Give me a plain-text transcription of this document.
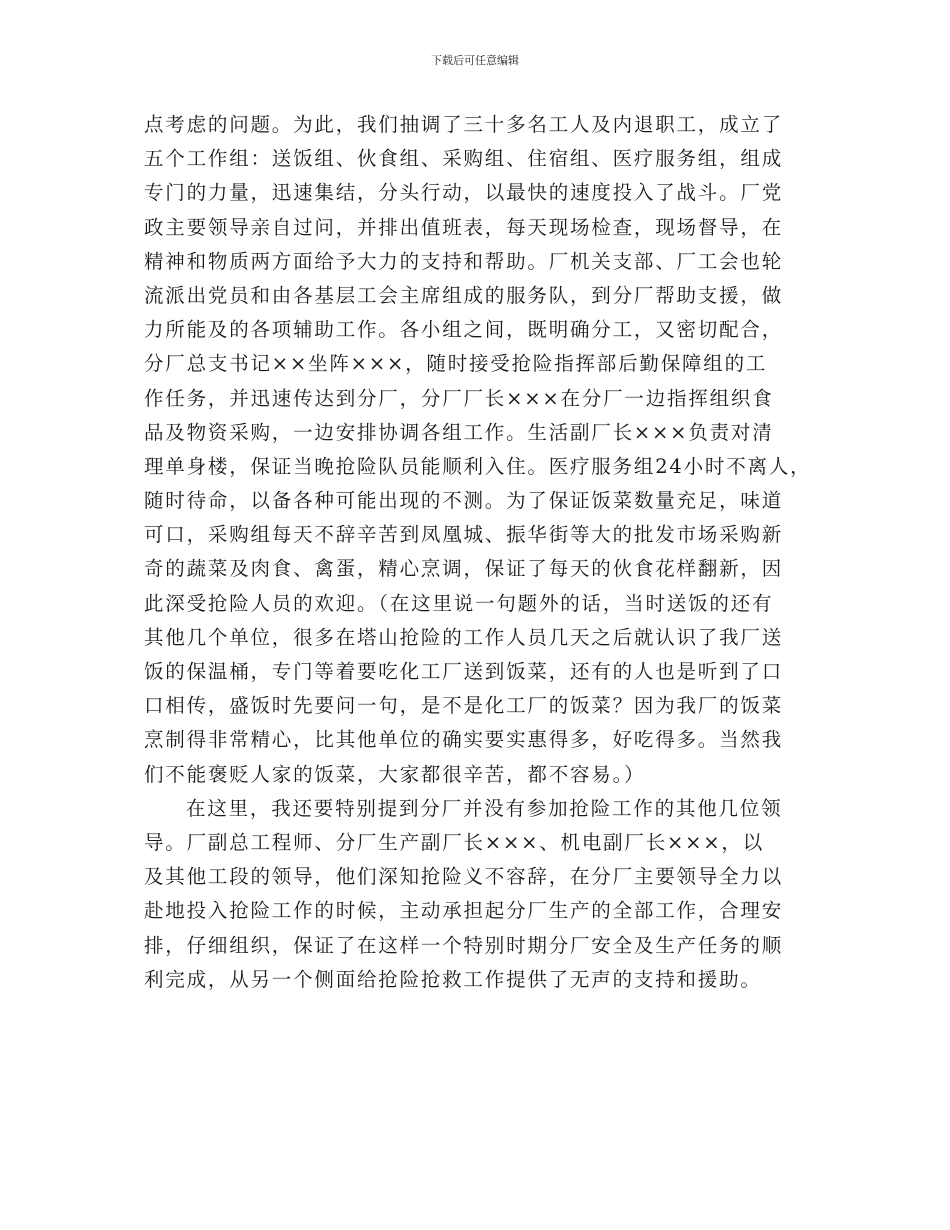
下载后可任意编辑
点考虑的问题。为此，我们抽调了三十多名工人及内退职工，成立了
五个工作组：送饭组、伙食组、采购组、住宿组、医疗服务组，组成
专门的力量，迅速集结，分头行动，以最快的速度投入了战斗。厂党
政主要领导亲自过问，并排出值班表，每天现场检查，现场督导，在
精神和物质两方面给予大力的支持和帮助。厂机关支部、厂工会也轮
流派出党员和由各基层工会主席组成的服务队，到分厂帮助支援，做
力所能及的各项辅助工作。各小组之间，既明确分工，又密切配合，
分厂总支书记××坐阵×××，随时接受抢险指挥部后勤保障组的工
作任务，并迅速传达到分厂，分厂厂长×××在分厂一边指挥组织食
品及物资采购，一边安排协调各组工作。生活副厂长×××负责对清
理单身楼，保证当晚抢险队员能顺利入住。医疗服务组24小时不离人，
随时待命，以备各种可能出现的不测。为了保证饭菜数量充足，味道
可口，采购组每天不辞辛苦到凤凰城、振华街等大的批发市场采购新
奇的蔬菜及肉食、禽蛋，精心烹调，保证了每天的伙食花样翻新，因
此深受抢险人员的欢迎。（在这里说一句题外的话，当时送饭的还有
其他几个单位，很多在塔山抢险的工作人员几天之后就认识了我厂送
饭的保温桶，专门等着要吃化工厂送到饭菜，还有的人也是听到了口
口相传，盛饭时先要问一句，是不是化工厂的饭菜？因为我厂的饭菜
烹制得非常精心，比其他单位的确实要实惠得多，好吃得多。当然我
们不能褒贬人家的饭菜，大家都很辛苦，都不容易。）
在这里，我还要特别提到分厂并没有参加抢险工作的其他几位领
导。厂副总工程师、分厂生产副厂长×××、机电副厂长×××，以
及其他工段的领导，他们深知抢险义不容辞，在分厂主要领导全力以
赴地投入抢险工作的时候，主动承担起分厂生产的全部工作，合理安
排，仔细组织，保证了在这样一个特别时期分厂安全及生产任务的顺
利完成，从另一个侧面给抢险抢救工作提供了无声的支持和援助。
